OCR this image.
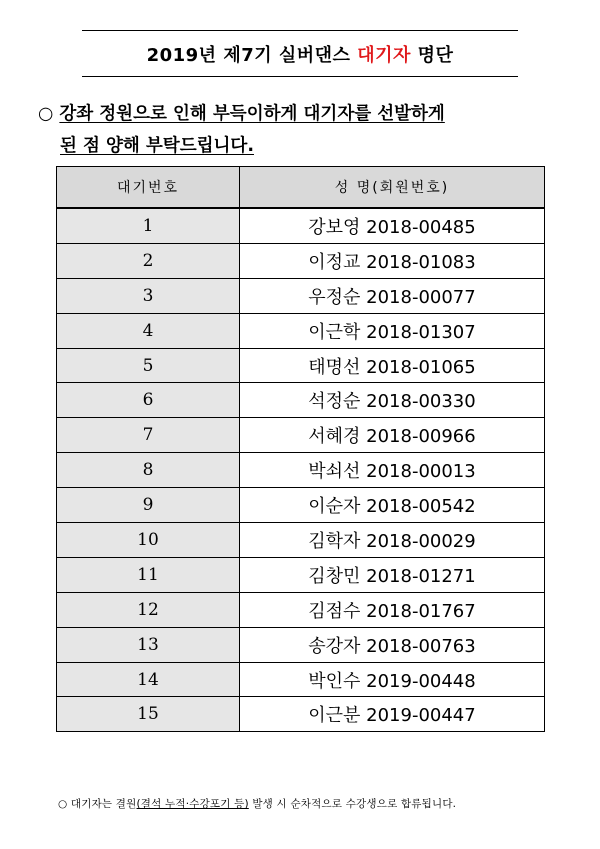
2019년 제7기 실버댄스 대기자 명단
○ 강좌 정원으로 인해 부득이하게 대기자를 선발하게
된 점 양해 부탁드립니다.
대기번호	성 명(회원번호)
1	강보영 2018-00485
2	이정교 2018-01083
3	우정순 2018-00077
4	이근학 2018-01307
5	태명선 2018-01065
6	석정순 2018-00330
7	서혜경 2018-00966
8	박쇠선 2018-00013
9	이순자 2018-00542
10	김학자 2018-00029
11	김창민 2018-01271
12	김점수 2018-01767
13	송강자 2018-00763
14	박인수 2019-00448
15	이근분 2019-00447
○ 대기자는 결원(결석 누적·수강포기 등) 발생 시 순차적으로 수강생으로 합류됩니다.
